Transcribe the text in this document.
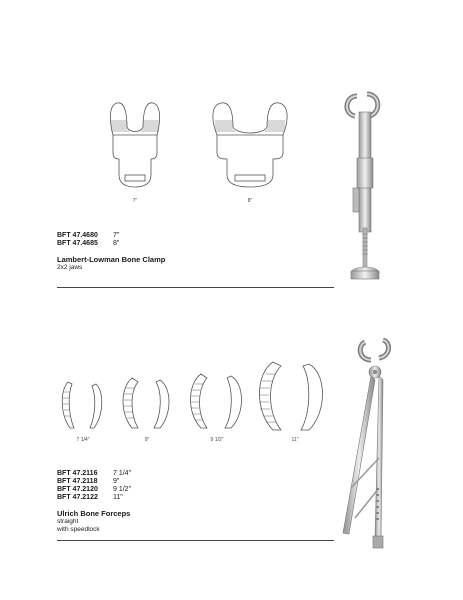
7"	8"
BFT 47.4680	7"
BFT 47.4685	8"
Lambert-Lowman Bone Clamp
2x2 jaws
7 1/4"	9"	9 1/2"	11"
BFT 47.2116	7 1/4"
BFT 47.2118	9"
BFT 47.2120	9 1/2"
BFT 47.2122	11"
Ulrich Bone Forceps
straight
with speedlock
